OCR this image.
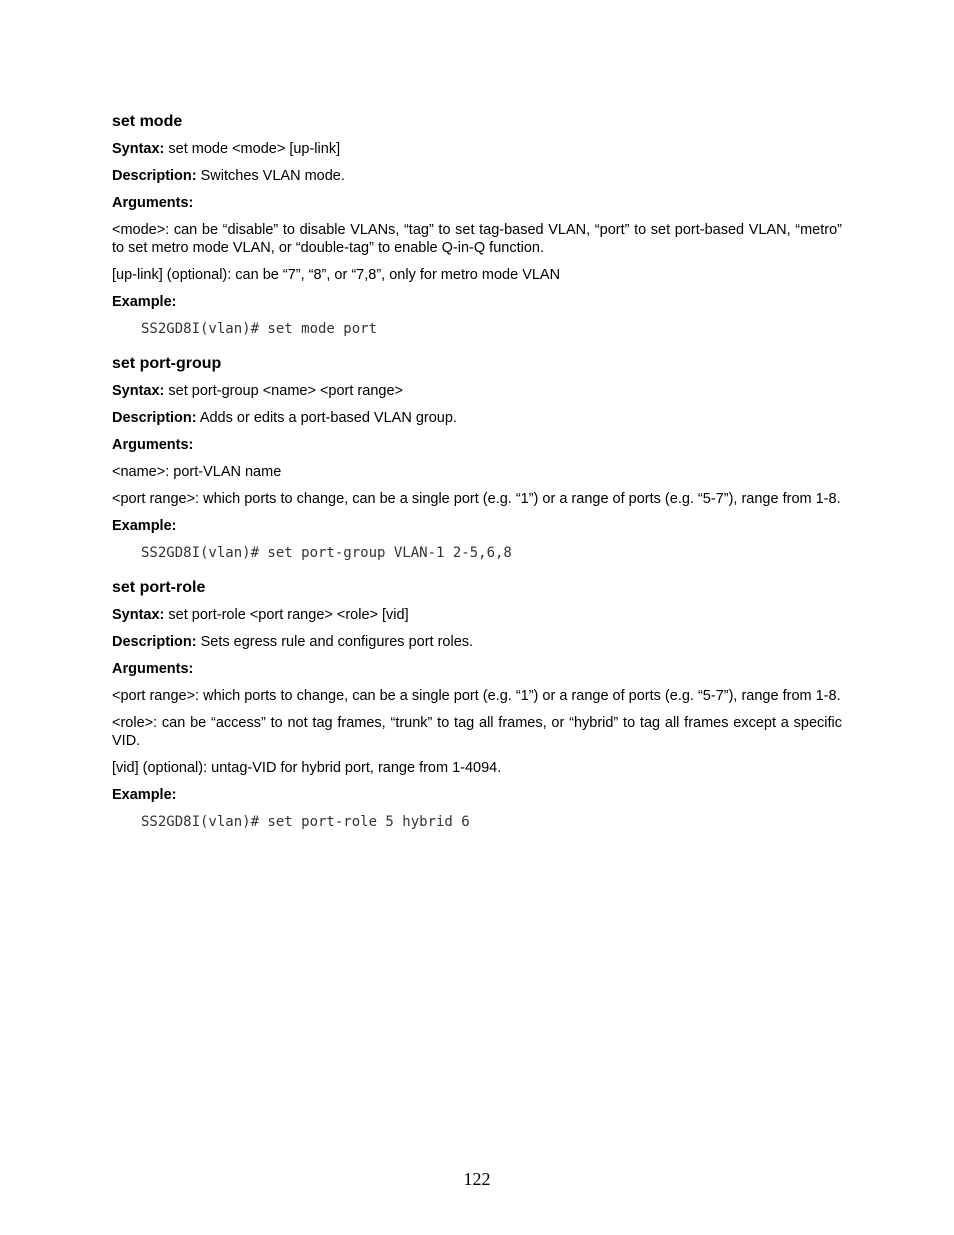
set mode
Syntax: set mode <mode> [up-link]
Description: Switches VLAN mode.
Arguments:
<mode>: can be “disable” to disable VLANs, “tag” to set tag-based VLAN, “port” to set port-based VLAN, “metro” to set metro mode VLAN, or “double-tag” to enable Q-in-Q function.
[up-link] (optional): can be “7”, “8”, or “7,8”, only for metro mode VLAN
Example:
SS2GD8I(vlan)# set mode port
set port-group
Syntax: set port-group <name> <port range>
Description: Adds or edits a port-based VLAN group.
Arguments:
<name>: port-VLAN name
<port range>: which ports to change, can be a single port (e.g. “1”) or a range of ports (e.g. “5-7”), range from 1-8.
Example:
SS2GD8I(vlan)# set port-group VLAN-1 2-5,6,8
set port-role
Syntax: set port-role <port range> <role> [vid]
Description: Sets egress rule and configures port roles.
Arguments:
<port range>: which ports to change, can be a single port (e.g. “1”) or a range of ports (e.g. “5-7”), range from 1-8.
<role>: can be “access” to not tag frames, “trunk” to tag all frames, or “hybrid” to tag all frames except a specific VID.
[vid] (optional): untag-VID for hybrid port, range from 1-4094.
Example:
SS2GD8I(vlan)# set port-role 5 hybrid 6
122
